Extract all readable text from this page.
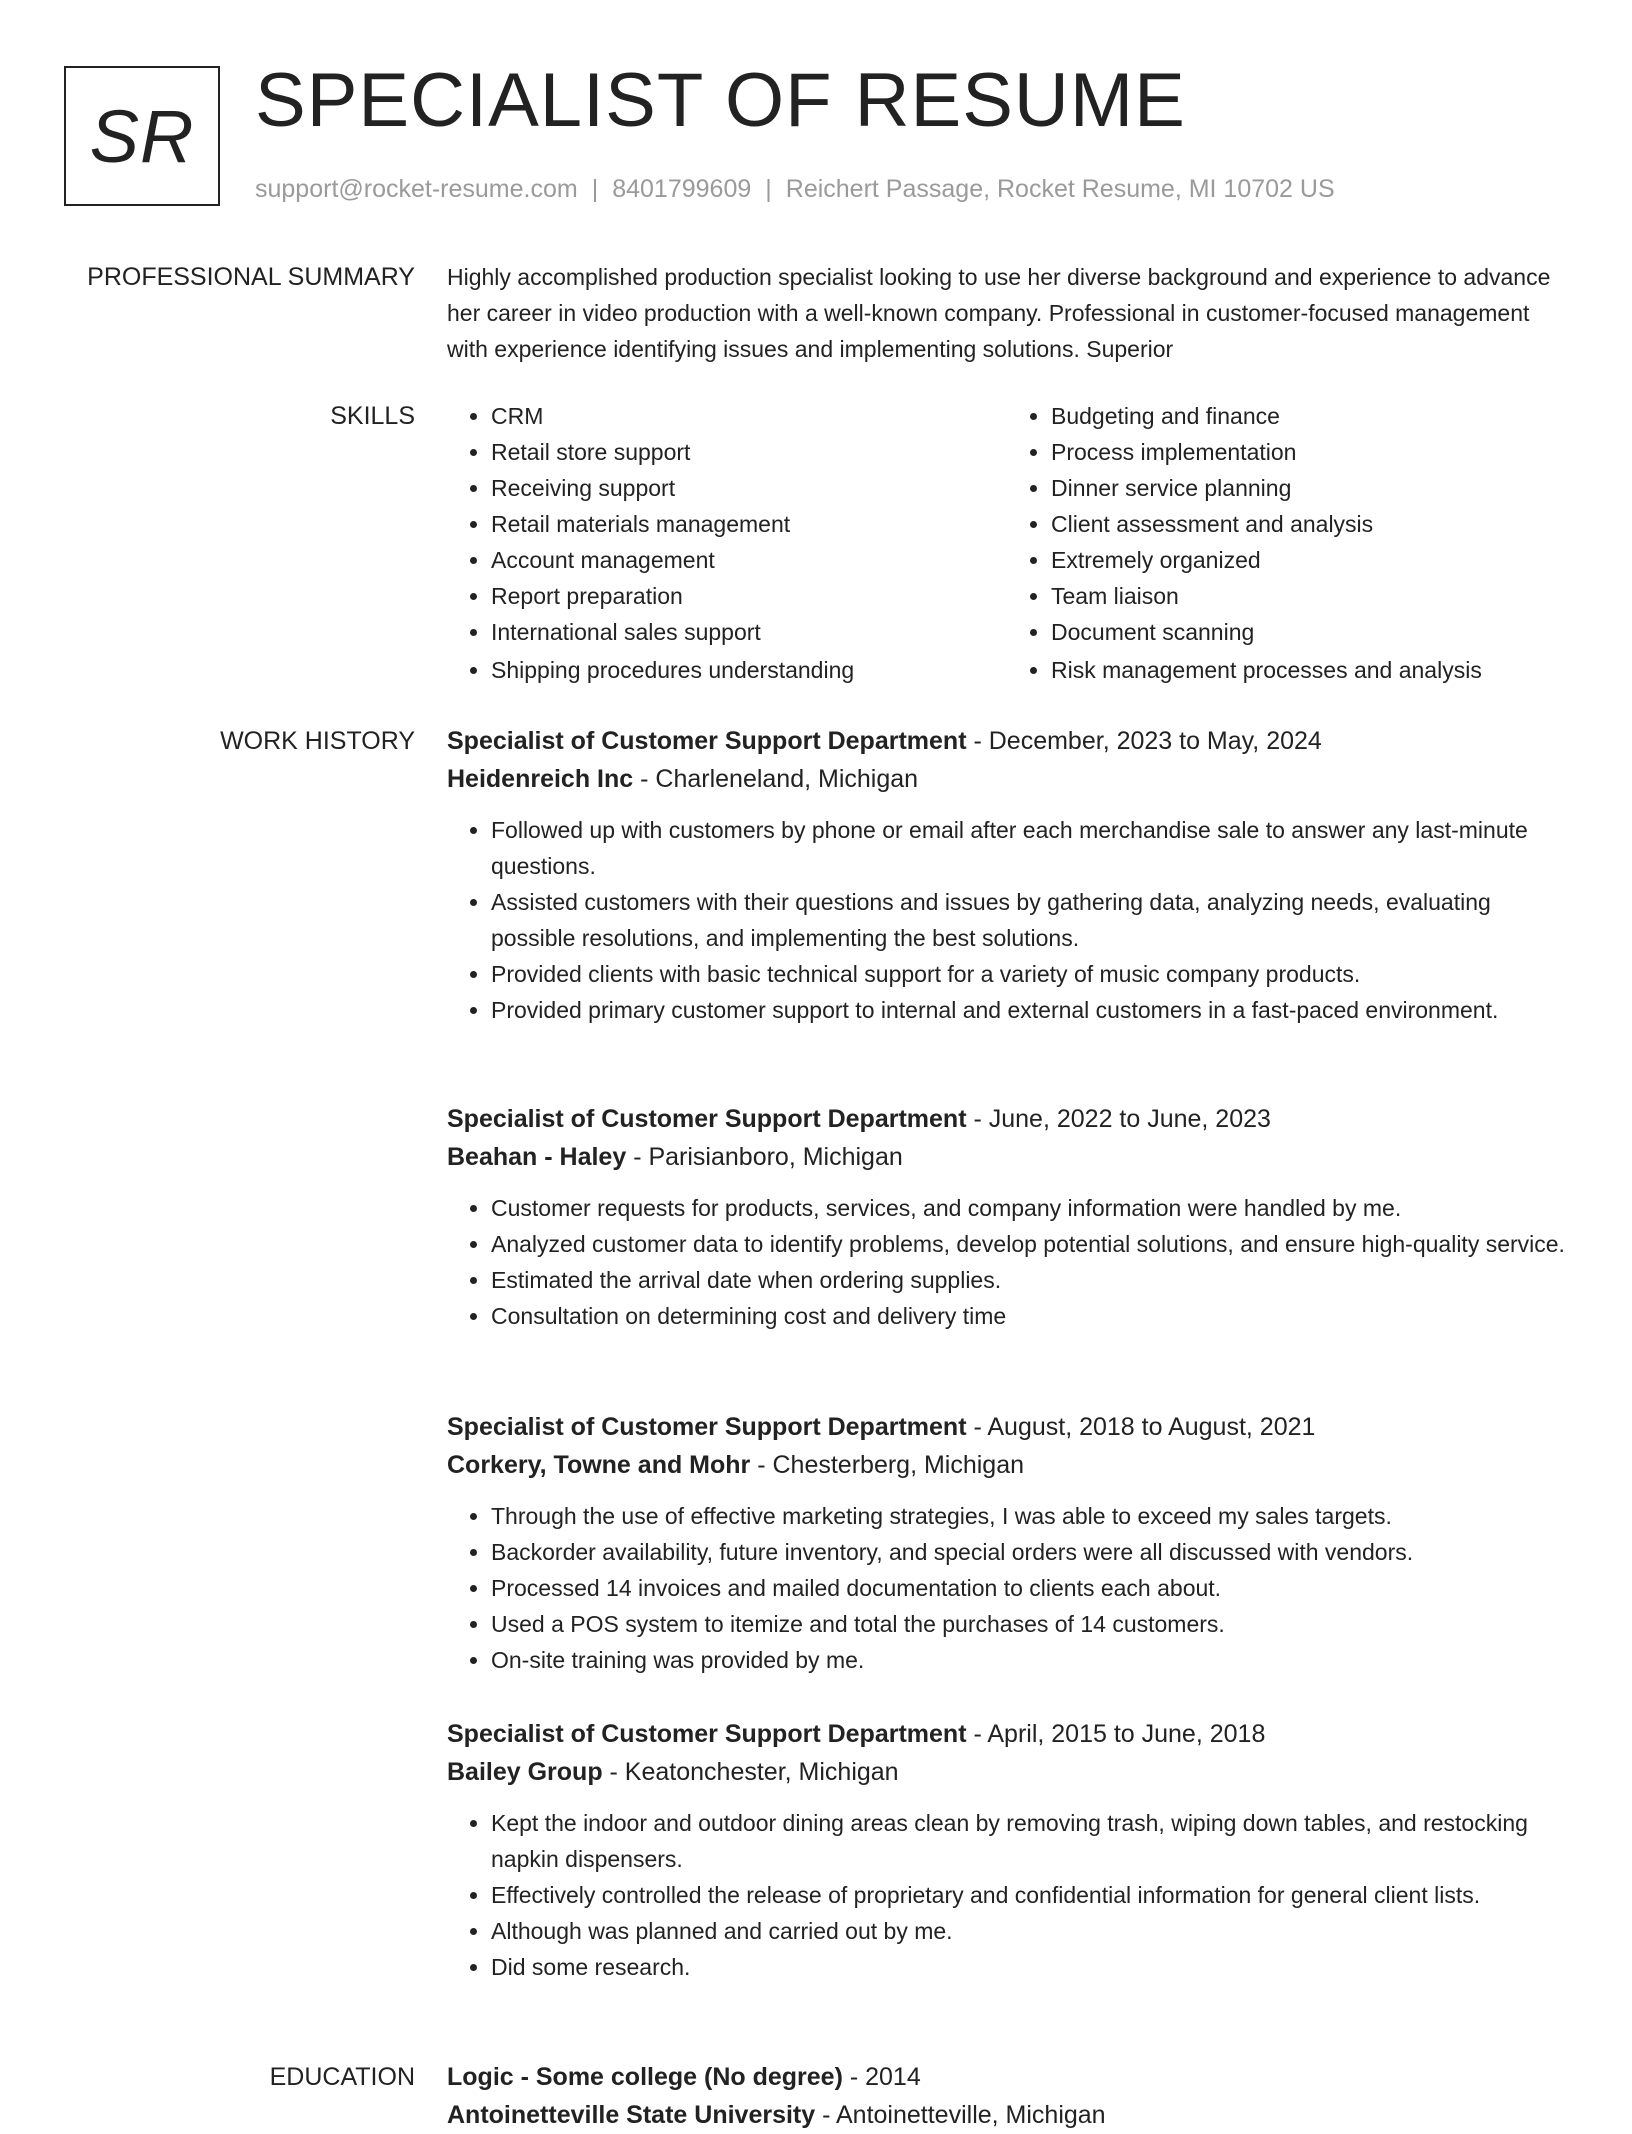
SR SPECIALIST OF RESUME
support@rocket-resume.com | 8401799609 | Reichert Passage, Rocket Resume, MI 10702 US
PROFESSIONAL SUMMARY Highly accomplished production specialist looking to use her diverse background and experience to advance her career in video production with a well-known company. Professional in customer-focused management with experience identifying issues and implementing solutions. Superior
SKILLS
•	CRM
• Retail store support
• Receiving support
• Retail materials management
• Account management
• Report preparation
• International sales support
• Shipping procedures understanding
• Budgeting and finance
• Process implementation
• Dinner service planning
• Client assessment and analysis
• Extremely organized
• Team liaison
• Document scanning
• Risk management processes and analysis
WORK HISTORY Specialist of Customer Support Department - December, 2023 to May, 2024
Heidenreich Inc - Charleneland, Michigan
• Followed up with customers by phone or email after each merchandise sale to answer any last-minute questions.
• Assisted customers with their questions and issues by gathering data, analyzing needs, evaluating possible resolutions, and implementing the best solutions.
• Provided clients with basic technical support for a variety of music company products.
• Provided primary customer support to internal and external customers in a fast-paced environment.
Specialist of Customer Support Department - June, 2022 to June, 2023
Beahan - Haley - Parisianboro, Michigan
• Customer requests for products, services, and company information were handled by me.
• Analyzed customer data to identify problems, develop potential solutions, and ensure high-quality service.
• Estimated the arrival date when ordering supplies.
• Consultation on determining cost and delivery time
Specialist of Customer Support Department - August, 2018 to August, 2021
Corkery, Towne and Mohr - Chesterberg, Michigan
• Through the use of effective marketing strategies, I was able to exceed my sales targets.
• Backorder availability, future inventory, and special orders were all discussed with vendors.
• Processed 14 invoices and mailed documentation to clients each about.
• Used a POS system to itemize and total the purchases of 14 customers.
• On-site training was provided by me.
Specialist of Customer Support Department - April, 2015 to June, 2018
Bailey Group - Keatonchester, Michigan
• Kept the indoor and outdoor dining areas clean by removing trash, wiping down tables, and restocking napkin dispensers.
• Effectively controlled the release of proprietary and confidential information for general client lists.
• Although was planned and carried out by me.
• Did some research.
EDUCATION Logic - Some college (No degree) - 2014
Antoinetteville State University - Antoinetteville, Michigan
